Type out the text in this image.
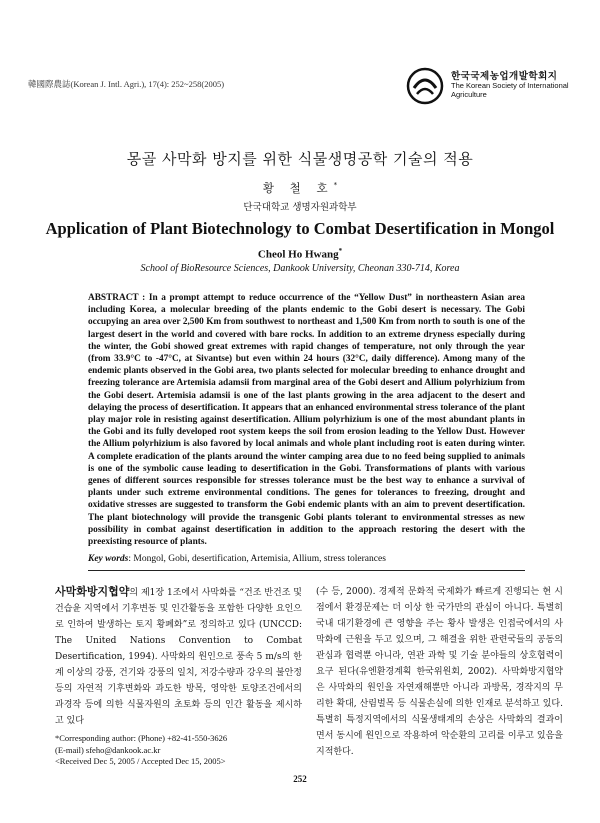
韓國際農誌(Korean J. Intl. Agri.), 17(4): 252~258(2005)
한국국제농업개발학회지
The Korean Society of International Agriculture
몽골 사막화 방지를 위한 식물생명공학 기술의 적용
황 철 호*
단국대학교 생명자원과학부
Application of Plant Biotechnology to Combat Desertification in Mongol
Cheol Ho Hwang*
School of BioResource Sciences, Dankook University, Cheonan 330-714, Korea
ABSTRACT : In a prompt attempt to reduce occurrence of the “Yellow Dust” in northeastern Asian area including Korea, a molecular breeding of the plants endemic to the Gobi desert is necessary. The Gobi occupying an area over 2,500 Km from southwest to northeast and 1,500 Km from north to south is one of the largest desert in the world and covered with bare rocks. In addition to an extreme dryness especially during the winter, the Gobi showed great extremes with rapid changes of temperature, not only through the year (from 33.9°C to -47°C, at Sivantse) but even within 24 hours (32°C, daily difference). Among many of the endemic plants observed in the Gobi area, two plants selected for molecular breeding to enhance drought and freezing tolerance are Artemisia adamsii from marginal area of the Gobi desert and Allium polyrhizium from the Gobi desert. Artemisia adamsii is one of the last plants growing in the area adjacent to the desert and delaying the process of desertification. It appears that an enhanced environmental stress tolerance of the plant play major role in resisting against desertification. Allium polyrhizium is one of the most abundant plants in the Gobi and its fully developed root system keeps the soil from erosion leading to the Yellow Dust. However the Allium polyrhizium is also favored by local animals and whole plant including root is eaten during winter. A complete eradication of the plants around the winter camping area due to no feed being supplied to animals is one of the symbolic cause leading to desertification in the Gobi. Transformations of plants with various genes of different sources responsible for stresses tolerance must be the best way to enhance a survival of plants under such extreme environmental conditions. The genes for tolerances to freezing, drought and oxidative stresses are suggested to transform the Gobi endemic plants with an aim to prevent desertification. The plant biotechnology will provide the transgenic Gobi plants tolerant to environmental stresses as new possibility in combat against desertification in addition to the approach restoring the desert with the preexisting resource of plants.
Key words: Mongol, Gobi, desertification, Artemisia, Allium, stress tolerances
사막화방지협약의 제1장 1조에서 사막화를 “건조 반건조 및 건습윤 지역에서 기후변동 및 인간활동을 포함한 다양한 요인으로 인하여 발생하는 토지 황폐화”로 정의하고 있다 (UNCCD: The United Nations Convention to Combat Desertification, 1994). 사막화의 원인으로 풍속 5 m/s의 한계 이상의 강풍, 건기와 강풍의 일치, 저강수량과 강우의 불안정 등의 자연적 기후변화와 과도한 방목, 영악한 토양조건에서의 과경작 등에 의한 식물자원의 초토화 등의 인간 활동을 제시하고 있다
(수 등, 2000). 경제적 문화적 국제화가 빠르게 진행되는 현 시점에서 환경문제는 더 이상 한 국가만의 관심이 아니다. 특별히 국내 대기환경에 큰 영향을 주는 황사 발생은 인접국에서의 사막화에 근원을 두고 있으며, 그 해결을 위한 관련국들의 공동의 관심과 협력뿐 아니라, 연관 과학 및 기술 분야들의 상호협력이 요구 된다(유엔환경계획 한국위원회, 2002). 사막화방지협약은 사막화의 원인을 자연재해뿐만 아니라 과방목, 경작지의 무리한 확대, 산림벌목 등 식물손실에 의한 인재로 분석하고 있다. 특별히 특정지역에서의 식물생태계의 손상은 사막화의 결과이면서 동시에 원인으로 작용하여 악순환의 고리를 이루고 있음을 지적한다.
*Corresponding author: (Phone) +82-41-550-3626
(E-mail) sfeho@dankook.ac.kr
<Received Dec 5, 2005 / Accepted Dec 15, 2005>
252
